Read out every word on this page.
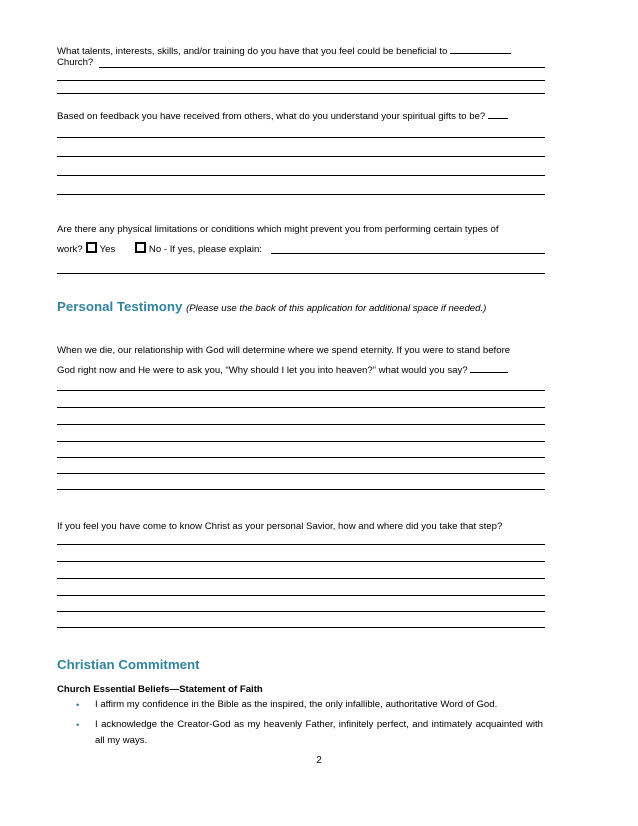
What talents, interests, skills, and/or training do you have that you feel could be beneficial to
Church?
Based on feedback you have received from others, what do you understand your spiritual gifts to be?
Are there any physical limitations or conditions which might prevent you from performing certain types of
work? Yes	No - If yes, please explain:
Personal Testimony (Please use the back of this application for additional space if needed.)
When we die, our relationship with God will determine where we spend eternity. If you were to stand before
God right now and He were to ask you, “Why should I let you into heaven?” what would you say?
If you feel you have come to know Christ as your personal Savior, how and where did you take that step?
Christian Commitment
Church Essential Beliefs—Statement of Faith
• I affirm my confidence in the Bible as the inspired, the only infallible, authoritative Word of God.
• I acknowledge the Creator-God as my heavenly Father, infinitely perfect, and intimately acquainted with all my ways.
2
